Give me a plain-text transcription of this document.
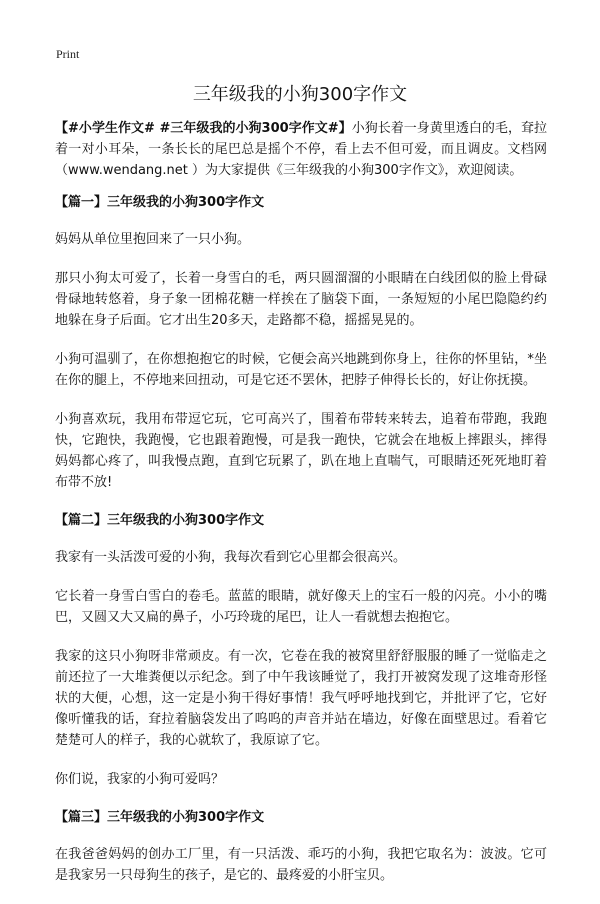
Print
三年级我的小狗300字作文

【#小学生作文# #三年级我的小狗300字作文#】小狗长着一身黄里透白的毛，耷拉着一对小耳朵，一条长长的尾巴总是摇个不停，看上去不但可爱，而且调皮。文档网（www.wendang.net ）为大家提供《三年级我的小狗300字作文》，欢迎阅读。

【篇一】三年级我的小狗300字作文

妈妈从单位里抱回来了一只小狗。

那只小狗太可爱了，长着一身雪白的毛，两只圆溜溜的小眼睛在白线团似的脸上骨碌骨碌地转悠着，身子象一团棉花糖一样挨在了脑袋下面，一条短短的小尾巴隐隐约约地躲在身子后面。它才出生20多天，走路都不稳，摇摇晃晃的。

小狗可温驯了，在你想抱抱它的时候，它便会高兴地跳到你身上，往你的怀里钻，*坐在你的腿上，不停地来回扭动，可是它还不罢休，把脖子伸得长长的，好让你抚摸。

小狗喜欢玩，我用布带逗它玩，它可高兴了，围着布带转来转去，追着布带跑，我跑快，它跑快，我跑慢，它也跟着跑慢，可是我一跑快，它就会在地板上摔跟头，摔得妈妈都心疼了，叫我慢点跑，直到它玩累了，趴在地上直喘气，可眼睛还死死地盯着布带不放!

【篇二】三年级我的小狗300字作文

我家有一头活泼可爱的小狗，我每次看到它心里都会很高兴。

它长着一身雪白雪白的卷毛。蓝蓝的眼睛，就好像天上的宝石一般的闪亮。小小的嘴巴，又圆又大又扁的鼻子，小巧玲珑的尾巴，让人一看就想去抱抱它。

我家的这只小狗呀非常顽皮。有一次，它卷在我的被窝里舒舒服服的睡了一觉临走之前还拉了一大堆粪便以示纪念。到了中午我该睡觉了，我打开被窝发现了这堆奇形怪状的大便，心想，这一定是小狗干得好事情！我气呼呼地找到它，并批评了它，它好像听懂我的话，耷拉着脑袋发出了呜呜的声音并站在墙边，好像在面壁思过。看着它楚楚可人的样子，我的心就软了，我原谅了它。

你们说，我家的小狗可爱吗？

【篇三】三年级我的小狗300字作文

在我爸爸妈妈的创办工厂里，有一只活泼、乖巧的小狗，我把它取名为：波波。它可是我家另一只母狗生的孩子，是它的、最疼爱的小肝宝贝。
